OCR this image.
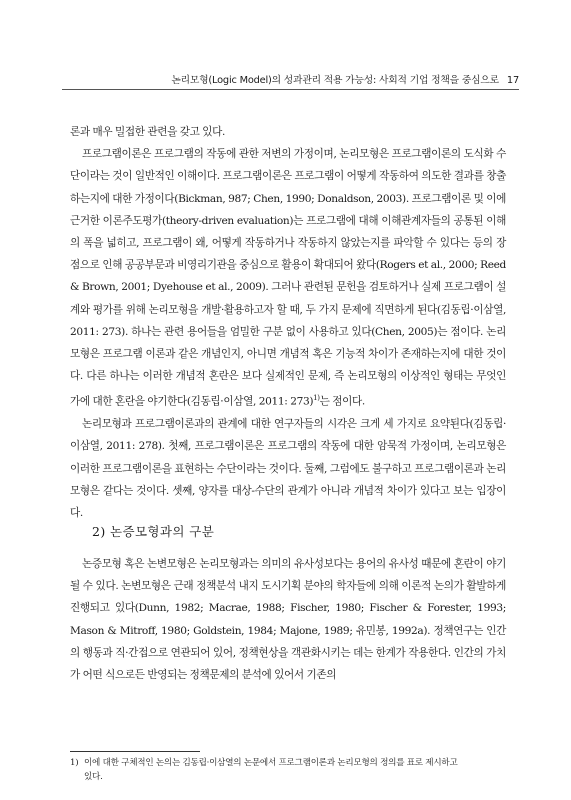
논리모형(Logic Model)의 성과관리 적용 가능성: 사회적 기업 정책을 중심으로 17

론과 매우 밀접한 관련을 갖고 있다.

프로그램이론은 프로그램의 작동에 관한 저변의 가정이며, 논리모형은 프로그램이론의 도식화 수단이라는 것이 일반적인 이해이다. 프로그램이론은 프로그램이 어떻게 작동하여 의도한 결과를 창출하는지에 대한 가정이다(Bickman, 987; Chen, 1990; Donaldson, 2003). 프로그램이론 및 이에 근거한 이론주도평가(theory-driven evaluation)는 프로그램에 대해 이해관계자들의 공통된 이해의 폭을 넓히고, 프로그램이 왜, 어떻게 작동하거나 작동하지 않았는지를 파악할 수 있다는 등의 장점으로 인해 공공부문과 비영리기관을 중심으로 활용이 확대되어 왔다(Rogers et al., 2000; Reed & Brown, 2001; Dyehouse et al., 2009). 그러나 관련된 문헌을 검토하거나 실제 프로그램이 설계와 평가를 위해 논리모형을 개발·활용하고자 할 때, 두 가지 문제에 직면하게 된다(김동립·이삼열, 2011: 273). 하나는 관련 용어들을 엄밀한 구분 없이 사용하고 있다(Chen, 2005)는 점이다. 논리모형은 프로그램 이론과 같은 개념인지, 아니면 개념적 혹은 기능적 차이가 존재하는지에 대한 것이다. 다른 하나는 이러한 개념적 혼란은 보다 실제적인 문제, 즉 논리모형의 이상적인 형태는 무엇인가에 대한 혼란을 야기한다(김동립·이삼열, 2011: 273)$^{1)}$는 점이다.

논리모형과 프로그램이론과의 관계에 대한 연구자들의 시각은 크게 세 가지로 요약된다(김동립·이삼열, 2011: 278). 첫째, 프로그램이론은 프로그램의 작동에 대한 암묵적 가정이며, 논리모형은 이러한 프로그램이론을 표현하는 수단이라는 것이다. 둘째, 그럼에도 불구하고 프로그램이론과 논리모형은 같다는 것이다. 셋째, 양자를 대상-수단의 관계가 아니라 개념적 차이가 있다고 보는 입장이다.

2) 논증모형과의 구분

논증모형 혹은 논변모형은 논리모형과는 의미의 유사성보다는 용어의 유사성 때문에 혼란이 야기될 수 있다. 논변모형은 근래 정책분석 내지 도시기획 분야의 학자들에 의해 이론적 논의가 활발하게 진행되고 있다(Dunn, 1982; Macrae, 1988; Fischer, 1980; Fischer & Forester, 1993; Mason & Mitroff, 1980; Goldstein, 1984; Majone, 1989; 유민봉, 1992a). 정책연구는 인간의 행동과 직·간접으로 연관되어 있어, 정책현상을 객관화시키는 데는 한계가 작용한다. 인간의 가치가 어떤 식으로든 반영되는 정책문제의 분석에 있어서 기존의

1) 이에 대한 구체적인 논의는 김동립·이삼열의 논문에서 프로그램이론과 논리모형의 정의를 표로 제시하고
있다.
